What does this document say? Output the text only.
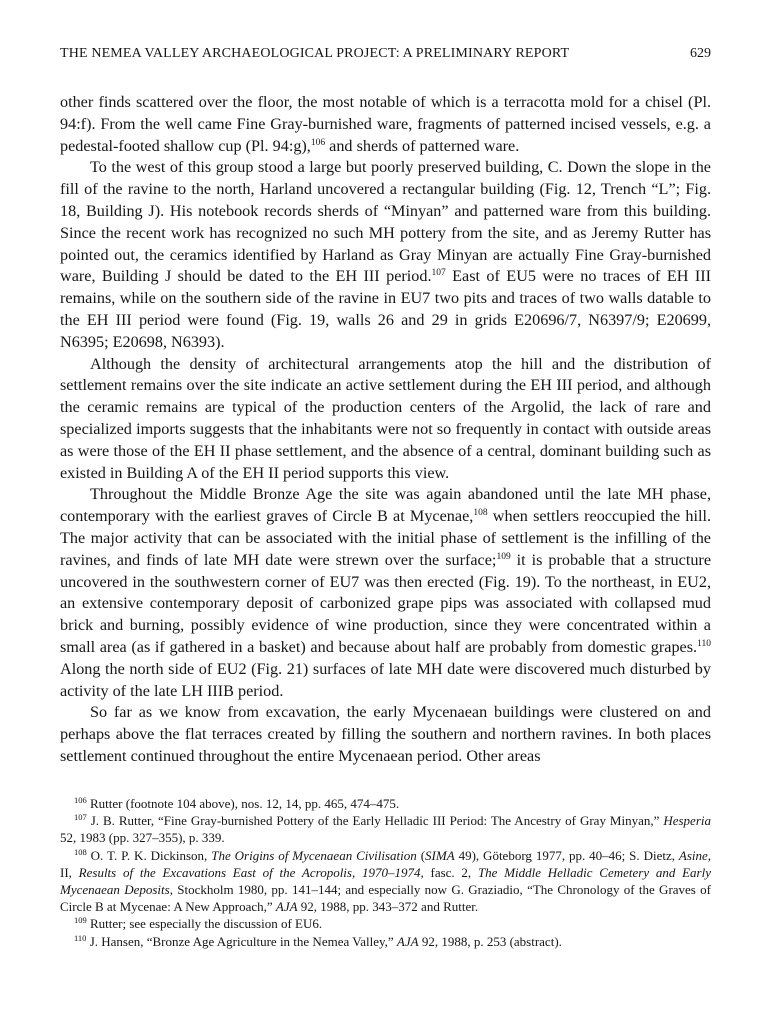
THE NEMEA VALLEY ARCHAEOLOGICAL PROJECT: A PRELIMINARY REPORT	629

other finds scattered over the floor, the most notable of which is a terracotta mold for a chisel (Pl. 94:f). From the well came Fine Gray-burnished ware, fragments of patterned incised vessels, e.g. a pedestal-footed shallow cup (Pl. 94:g),$^{106}$ and sherds of patterned ware.

To the west of this group stood a large but poorly preserved building, C. Down the slope in the fill of the ravine to the north, Harland uncovered a rectangular building (Fig. 12, Trench “L”; Fig. 18, Building J). His notebook records sherds of “Minyan” and patterned ware from this building. Since the recent work has recognized no such MH pottery from the site, and as Jeremy Rutter has pointed out, the ceramics identified by Harland as Gray Minyan are actually Fine Gray-burnished ware, Building J should be dated to the EH III period.$^{107}$ East of EU5 were no traces of EH III remains, while on the southern side of the ravine in EU7 two pits and traces of two walls datable to the EH III period were found (Fig. 19, walls 26 and 29 in grids E20696/7, N6397/9; E20699, N6395; E20698, N6393).

Although the density of architectural arrangements atop the hill and the distribution of settlement remains over the site indicate an active settlement during the EH III period, and although the ceramic remains are typical of the production centers of the Argolid, the lack of rare and specialized imports suggests that the inhabitants were not so frequently in contact with outside areas as were those of the EH II phase settlement, and the absence of a central, dominant building such as existed in Building A of the EH II period supports this view.

Throughout the Middle Bronze Age the site was again abandoned until the late MH phase, contemporary with the earliest graves of Circle B at Mycenae,$^{108}$ when settlers reoccupied the hill. The major activity that can be associated with the initial phase of settlement is the infilling of the ravines, and finds of late MH date were strewn over the surface;$^{109}$ it is probable that a structure uncovered in the southwestern corner of EU7 was then erected (Fig. 19). To the northeast, in EU2, an extensive contemporary deposit of carbonized grape pips was associated with collapsed mud brick and burning, possibly evidence of wine production, since they were concentrated within a small area (as if gathered in a basket) and because about half are probably from domestic grapes.$^{110}$ Along the north side of EU2 (Fig. 21) surfaces of late MH date were discovered much disturbed by activity of the late LH IIIB period.

So far as we know from excavation, the early Mycenaean buildings were clustered on and perhaps above the flat terraces created by filling the southern and northern ravines. In both places settlement continued throughout the entire Mycenaean period. Other areas

$^{106}$ Rutter (footnote 104 above), nos. 12, 14, pp. 465, 474–475.

$^{107}$ J. B. Rutter, “Fine Gray-burnished Pottery of the Early Helladic III Period: The Ancestry of Gray Minyan,” Hesperia 52, 1983 (pp. 327–355), p. 339.

$^{108}$ O. T. P. K. Dickinson, The Origins of Mycenaean Civilisation (SIMA 49), Göteborg 1977, pp. 40–46; S. Dietz, Asine, II, Results of the Excavations East of the Acropolis, 1970–1974, fasc. 2, The Middle Helladic Cemetery and Early Mycenaean Deposits, Stockholm 1980, pp. 141–144; and especially now G. Graziadio, “The Chronology of the Graves of Circle B at Mycenae: A New Approach,” AJA 92, 1988, pp. 343–372 and Rutter.

$^{109}$ Rutter; see especially the discussion of EU6.

$^{110}$ J. Hansen, “Bronze Age Agriculture in the Nemea Valley,” AJA 92, 1988, p. 253 (abstract).
